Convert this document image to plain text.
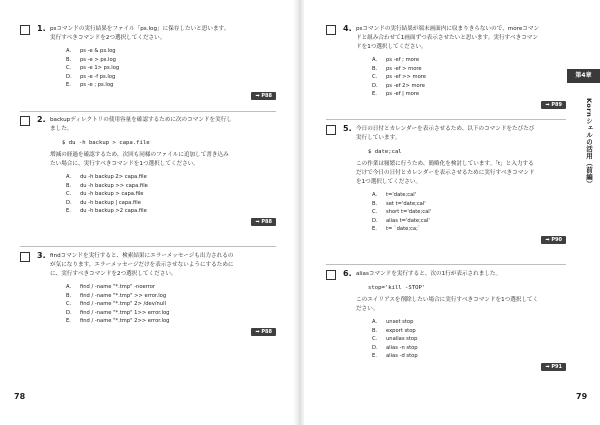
1. psコマンドの実行結果をファイル「ps.log」に保存したいと思います。
実行すべきコマンドを2つ選択してください。
A. ps -e & ps.log
B. ps -e > ps.log
C. ps -e 1> ps.log
D. ps -e -f ps.log
E. ps -e ; ps.log
➡ P88
2. backupディレクトリの使用容量を確認するために次のコマンドを実行し
ました。
$ du -h backup > capa.file
増減の経過を確認するため、次回も同様のファイルに追加して書き込み
たい場合に、実行すべきコマンドを1つ選択してください。
A. du -h backup 2> capa.file
B. du -h backup >> capa.file
C. du -h backup > capa.file
D. du -h backup | capa.file
E. du -h backup >2 capa.file
➡ P88
3. findコマンドを実行すると、検索結果にエラーメッセージも出力されるの
が気になります。エラーメッセージだけを表示させないようにするために
に、実行すべきコマンドを2つ選択してください。
A. find / -name "*.tmp" -noerror
B. find / -name "*.tmp" >> error.log
C. find / -name "*.tmp" 2> /dev/null
D. find / -name "*.tmp" 1>> error.log
E. find / -name "*.tmp" 2>> error.log
➡ P88
78
4. psコマンドの実行結果が端末画面内に収まりきらないので、moreコマン
ドと組み合わせて1画面ずつ表示させたいと思います。実行すべきコマン
ドを1つ選択してください。
A. ps -ef ; more
B. ps -ef > more
C. ps -ef >> more
D. ps -ef 2> more
E. ps -ef | more
➡ P89
5. 今日の日付とカレンダーを表示させるため、以下のコマンドをたびたび
実行しています。
$ date;cal
この作業は頻繁に行うため、簡略化を検討しています。「t」と入力する
だけで今日の日付とカレンダーを表示させるために実行すべきコマンド
を1つ選択してください。
A. t='date;cal'
B. set t='date;cal'
C. short t='date;cal'
D. alias t='date;cal'
E. t= `date;ca;`
➡ P90
6. aliasコマンドを実行すると、次の1行が表示されました。
stop='kill -STOP'
このエイリアスを削除したい場合に実行すべきコマンドを1つ選択してく
ださい。
A. unset stop
B. export stop
C. unalias stop
D. alias -n stop
E. alias -d stop
➡ P91
79
第4章
Kornシェルの活用（前編）
